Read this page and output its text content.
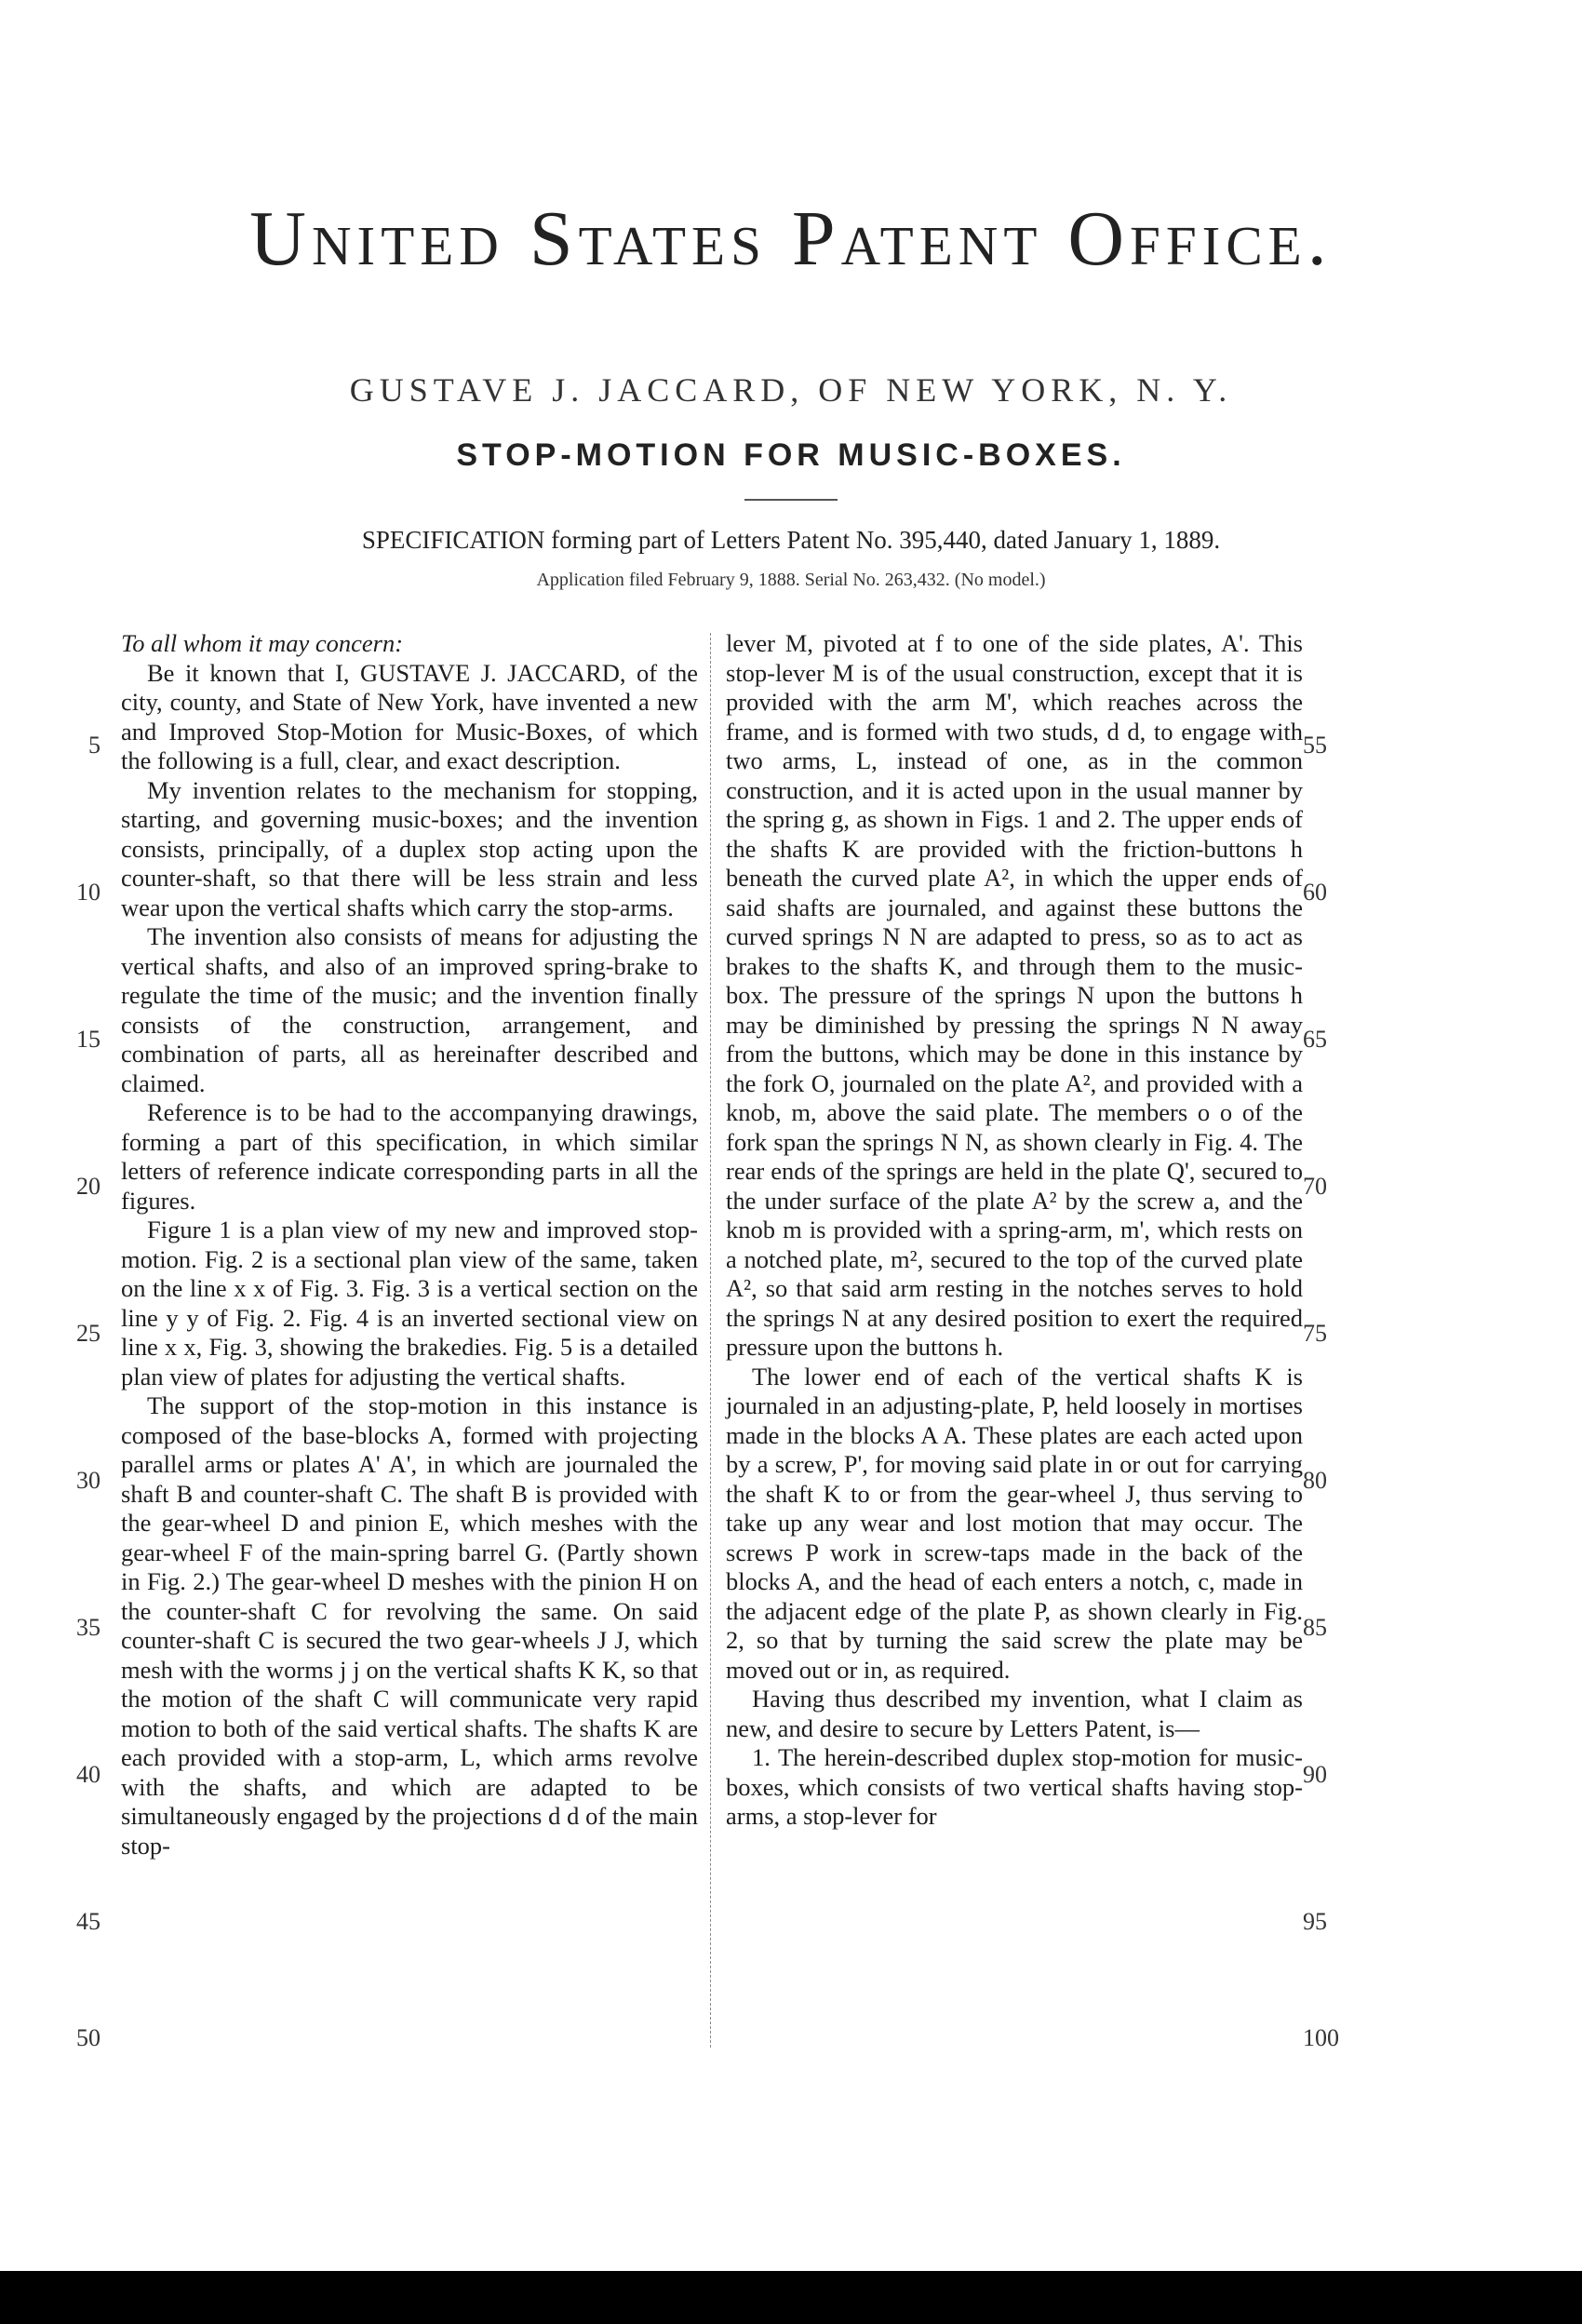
United States Patent Office.

GUSTAVE J. JACCARD, OF NEW YORK, N. Y.

STOP-MOTION FOR MUSIC-BOXES.

SPECIFICATION forming part of Letters Patent No. 395,440, dated January 1, 1889.
Application filed February 9, 1888. Serial No. 263,432. (No model.)

To all whom it may concern:

Be it known that I, GUSTAVE J. JACCARD, of the city, county, and State of New York, have invented a new and Improved Stop-Motion for Music-Boxes, of which the following is a full, clear, and exact description.

My invention relates to the mechanism for stopping, starting, and governing music-boxes; and the invention consists, principally, of a duplex stop acting upon the counter-shaft, so that there will be less strain and less wear upon the vertical shafts which carry the stop-arms.

The invention also consists of means for adjusting the vertical shafts, and also of an improved spring-brake to regulate the time of the music; and the invention finally consists of the construction, arrangement, and combination of parts, all as hereinafter described and claimed.

Reference is to be had to the accompanying drawings, forming a part of this specification, in which similar letters of reference indicate corresponding parts in all the figures.

Figure 1 is a plan view of my new and improved stop-motion. Fig. 2 is a sectional plan view of the same, taken on the line x x of Fig. 3. Fig. 3 is a vertical section on the line y y of Fig. 2. Fig. 4 is an inverted sectional view on line x x, Fig. 3, showing the brakedies. Fig. 5 is a detailed plan view of plates for adjusting the vertical shafts.

The support of the stop-motion in this instance is composed of the base-blocks A, formed with projecting parallel arms or plates A' A', in which are journaled the shaft B and counter-shaft C. The shaft B is provided with the gear-wheel D and pinion E, which meshes with the gear-wheel F of the main-spring barrel G. (Partly shown in Fig. 2.) The gear-wheel D meshes with the pinion H on the counter-shaft C for revolving the same. On said counter-shaft C is secured the two gear-wheels J J, which mesh with the worms j j on the vertical shafts K K, so that the motion of the shaft C will communicate very rapid motion to both of the said vertical shafts. The shafts K are each provided with a stop-arm, L, which arms revolve with the shafts, and which are adapted to be simultaneously engaged by the projections d d of the main stop-

lever M, pivoted at f to one of the side plates, A'. This stop-lever M is of the usual construction, except that it is provided with the arm M', which reaches across the frame, and is formed with two studs, d d, to engage with two arms, L, instead of one, as in the common construction, and it is acted upon in the usual manner by the spring g, as shown in Figs. 1 and 2. The upper ends of the shafts K are provided with the friction-buttons h beneath the curved plate A², in which the upper ends of said shafts are journaled, and against these buttons the curved springs N N are adapted to press, so as to act as brakes to the shafts K, and through them to the music-box. The pressure of the springs N upon the buttons h may be diminished by pressing the springs N N away from the buttons, which may be done in this instance by the fork O, journaled on the plate A², and provided with a knob, m, above the said plate. The members o o of the fork span the springs N N, as shown clearly in Fig. 4. The rear ends of the springs are held in the plate Q', secured to the under surface of the plate A² by the screw a, and the knob m is provided with a spring-arm, m', which rests on a notched plate, m², secured to the top of the curved plate A², so that said arm resting in the notches serves to hold the springs N at any desired position to exert the required pressure upon the buttons h.

The lower end of each of the vertical shafts K is journaled in an adjusting-plate, P, held loosely in mortises made in the blocks A A. These plates are each acted upon by a screw, P', for moving said plate in or out for carrying the shaft K to or from the gear-wheel J, thus serving to take up any wear and lost motion that may occur. The screws P work in screw-taps made in the back of the blocks A, and the head of each enters a notch, c, made in the adjacent edge of the plate P, as shown clearly in Fig. 2, so that by turning the said screw the plate may be moved out or in, as required.

Having thus described my invention, what I claim as new, and desire to secure by Letters Patent, is—

1. The herein-described duplex stop-motion for music-boxes, which consists of two vertical shafts having stop-arms, a stop-lever for

5
10
15
20
25
30
35
40
45
50
55
60
65
70
75
80
85
90
95
100
